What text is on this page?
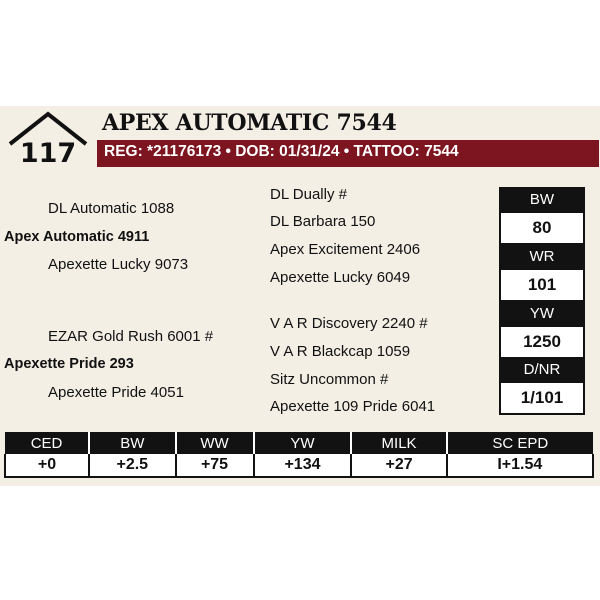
117
APEX AUTOMATIC 7544
REG: *21176173 • DOB: 01/31/24 • TATTOO: 7544
DL Automatic 1088
Apex Automatic 4911
Apexette Lucky 9073
EZAR Gold Rush 6001 #
Apexette Pride 293
Apexette Pride 4051
DL Dually #
DL Barbara 150
Apex Excitement 2406
Apexette Lucky 6049
V A R Discovery 2240 #
V A R Blackcap 1059
Sitz Uncommon #
Apexette 109 Pride 6041
BW
80
WR
101
YW
1250
D/NR
1/101
CED	BW	WW	YW	MILK	SC EPD
+0	+2.5	+75	+134	+27	I+1.54
